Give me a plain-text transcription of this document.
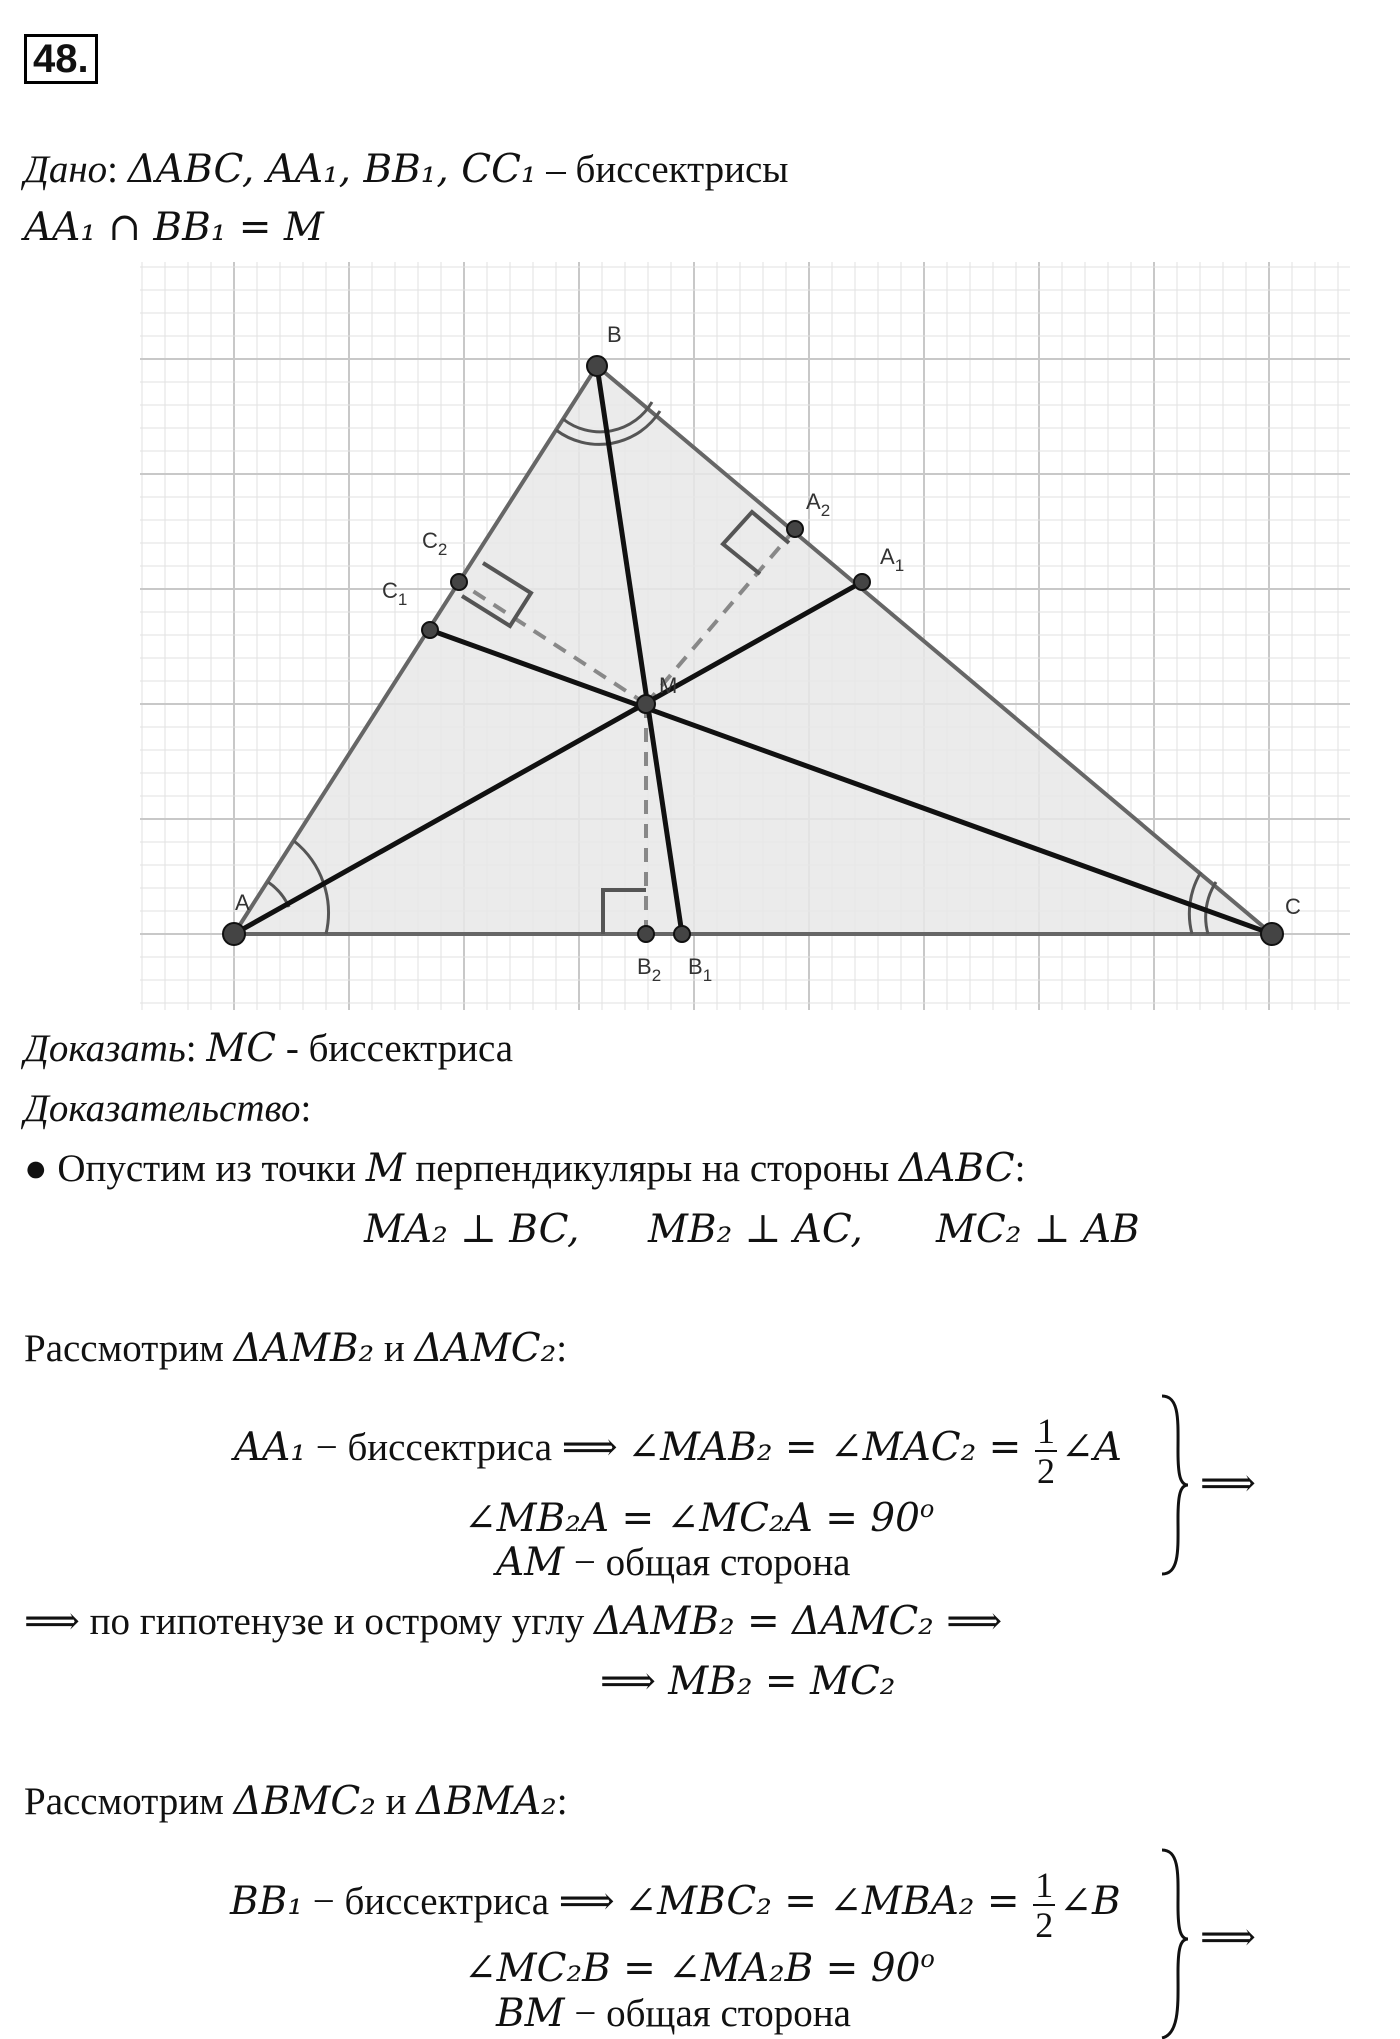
48.
Дано: ΔABC, AA₁, BB₁, CC₁ – биссектрисы
AA₁ ∩ BB₁ = M
A
B
C
M
$A_1$
$A_2$
$B_1$
$B_2$
$C_1$
$C_2$
Доказать: MC - биссектриса
Доказательство:
● Опустим из точки M перпендикуляры на стороны ΔABC:
MA₂ ⊥ BC, MB₂ ⊥ AC, MC₂ ⊥ AB
Рассмотрим ΔAMB₂ и ΔAMC₂:
AA₁ − биссектриса ⟹ ∠MAB₂ = ∠MAC₂ = $\frac{1}{2}$ ∠A
∠MB₂A = ∠MC₂A = $90^o$
AM − общая сторона
⟹
⟹ по гипотенузе и острому углу ΔAMB₂ = ΔAMC₂ ⟹
⟹ MB₂ = MC₂
Рассмотрим ΔBMC₂ и ΔBMA₂:
BB₁ − биссектриса ⟹ ∠MBC₂ = ∠MBA₂ = $\frac{1}{2}$ ∠B
∠MC₂B = ∠MA₂B = $90^o$
BM − общая сторона
⟹
